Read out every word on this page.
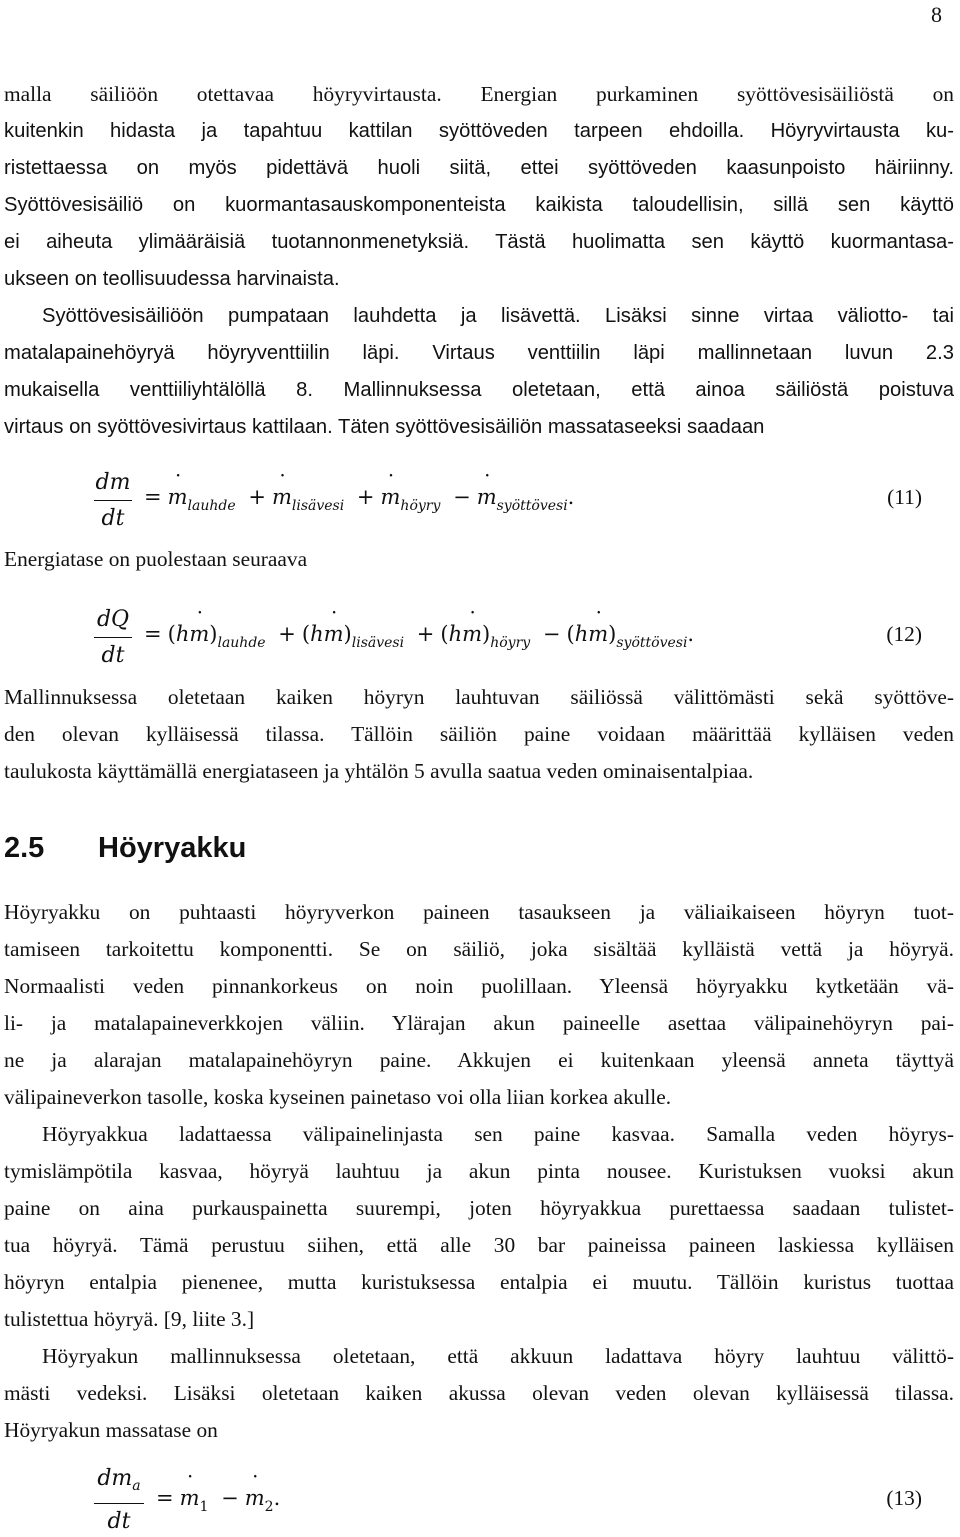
8

malla säiliöön otettavaa höyryvirtausta. Energian purkaminen syöttövesisäiliöstä on

kuitenkin hidasta ja tapahtuu kattilan syöttöveden tarpeen ehdoilla. Höyryvirtausta ku-

ristettaessa on myös pidettävä huoli siitä, ettei syöttöveden kaasunpoisto häiriinny.

Syöttövesisäiliö on kuormantasauskomponenteista kaikista taloudellisin, sillä sen käyttö

ei aiheuta ylimääräisiä tuotannonmenetyksiä. Tästä huolimatta sen käyttö kuormantasa-

ukseen on teollisuudessa harvinaista.

Syöttövesisäiliöön pumpataan lauhdetta ja lisävettä. Lisäksi sinne virtaa väliotto- tai

matalapainehöyryä höyryventtiilin läpi. Virtaus venttiilin läpi mallinnetaan luvun 2.3

mukaisella venttiiliyhtälöllä 8. Mallinnuksessa oletetaan, että ainoa säiliöstä poistuva

virtaus on syöttövesivirtaus kattilaan. Täten syöttövesisäiliön massataseeksi saadaan

dm
dt
= ˙ $m_{lauhde}$ + ˙ $m_{lisävesi}$ + ˙ $m_{höyry}$ − ˙ $m_{syöttövesi}$.	(11)

Energiatase on puolestaan seuraava

dQ
dt
= (h˙ $m)_{lauhde}$ + (h˙ $m)_{lisävesi}$ + (h˙ $m)_{höyry}$ − (h˙ $m)_{syöttövesi}$.	(12)

Mallinnuksessa oletetaan kaiken höyryn lauhtuvan säiliössä välittömästi sekä syöttöve-

den olevan kylläisessä tilassa. Tällöin säiliön paine voidaan määrittää kylläisen veden

taulukosta käyttämällä energiataseen ja yhtälön 5 avulla saatua veden ominaisentalpiaa.

2.5 Höyryakku

Höyryakku on puhtaasti höyryverkon paineen tasaukseen ja väliaikaiseen höyryn tuot-

tamiseen tarkoitettu komponentti. Se on säiliö, joka sisältää kylläistä vettä ja höyryä.

Normaalisti veden pinnankorkeus on noin puolillaan. Yleensä höyryakku kytketään vä-

li- ja matalapaineverkkojen väliin. Ylärajan akun paineelle asettaa välipainehöyryn pai-

ne ja alarajan matalapainehöyryn paine. Akkujen ei kuitenkaan yleensä anneta täyttyä

välipaineverkon tasolle, koska kyseinen painetaso voi olla liian korkea akulle.

Höyryakkua ladattaessa välipainelinjasta sen paine kasvaa. Samalla veden höyrys-

tymislämpötila kasvaa, höyryä lauhtuu ja akun pinta nousee. Kuristuksen vuoksi akun

paine on aina purkauspainetta suurempi, joten höyryakkua purettaessa saadaan tulistet-

tua höyryä. Tämä perustuu siihen, että alle 30 bar paineissa paineen laskiessa kylläisen

höyryn entalpia pienenee, mutta kuristuksessa entalpia ei muutu. Tällöin kuristus tuottaa

tulistettua höyryä. [9, liite 3.]

Höyryakun mallinnuksessa oletetaan, että akkuun ladattava höyry lauhtuu välittö-

mästi vedeksi. Lisäksi oletetaan kaiken akussa olevan veden olevan kylläisessä tilassa.

Höyryakun massatase on

$dm_a$
dt
= ˙ $m_1$ − ˙ $m_2$.	(13)
